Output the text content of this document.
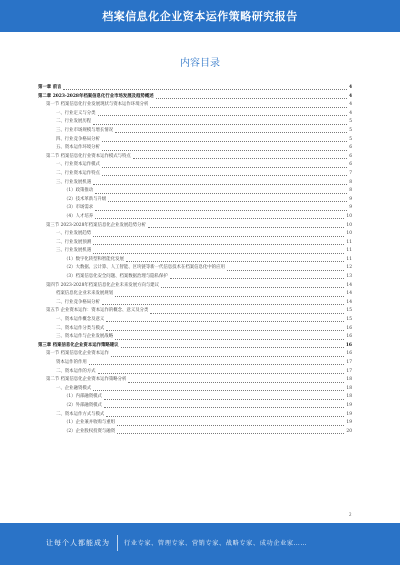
档案信息化企业资本运作策略研究报告
内容目录
第一章 前言	4
第二章 2023-2028年档案信息化行业市场发展及趋势概述	4
第一节 档案信息化行业发展现状与资本运作环境分析	4
一、行业定义与分类	4
二、行业发展历程	5
三、行业市场规模与增长情况	5
四、行业竞争格局分析	5
五、资本运作环境分析	6
第二节 档案信息化行业资本运作模式与特点	6
一、行业资本运作模式	6
二、行业资本运作特点	7
三、行业发展机遇	8
（1）政策推动	8
（2）技术革新与升级	9
（3）市场需求	9
（4）人才培养	10
第三节 2023-2028年档案信息化企业发展趋势分析	10
一、行业发展趋势	10
二、行业发展预测	11
三、行业发展机遇	11
（1）数字化转型和智能化发展	11
（2）大数据、云计算、人工智能、区块链等新一代信息技术在档案信息化中的应用	12
（3）档案信息化安全问题、档案数据治理与隐私保护	13
第四节 2023-2028年档案信息化企业未来发展方向与建议	14
档案信息化企业未来发展规划	14
二、行业竞争格局分析	14
第五节 企业资本运作：资本运作的概念、意义及分类	15
一、资本运作概念及意义	15
二、资本运作分类与模式	16
三、资本运作与企业发展战略	16
第三章 档案信息化企业资本运作策略建议	16
第一节 档案信息化企业资本运作	16
资本运作的作用	17
二、资本运作的方式	17
第二节 档案信息化企业资本运作策略分析	18
一、企业融资模式	18
（1）内部融资模式	18
（2）外部融资模式	19
二、资本运作方式与模式	19
（1）企业兼并收购与重组	19
（2）企业股权投资与融资	20
2
让每个人都能成为 行业专家、管理专家、营销专家、战略专家、成功企业家……
